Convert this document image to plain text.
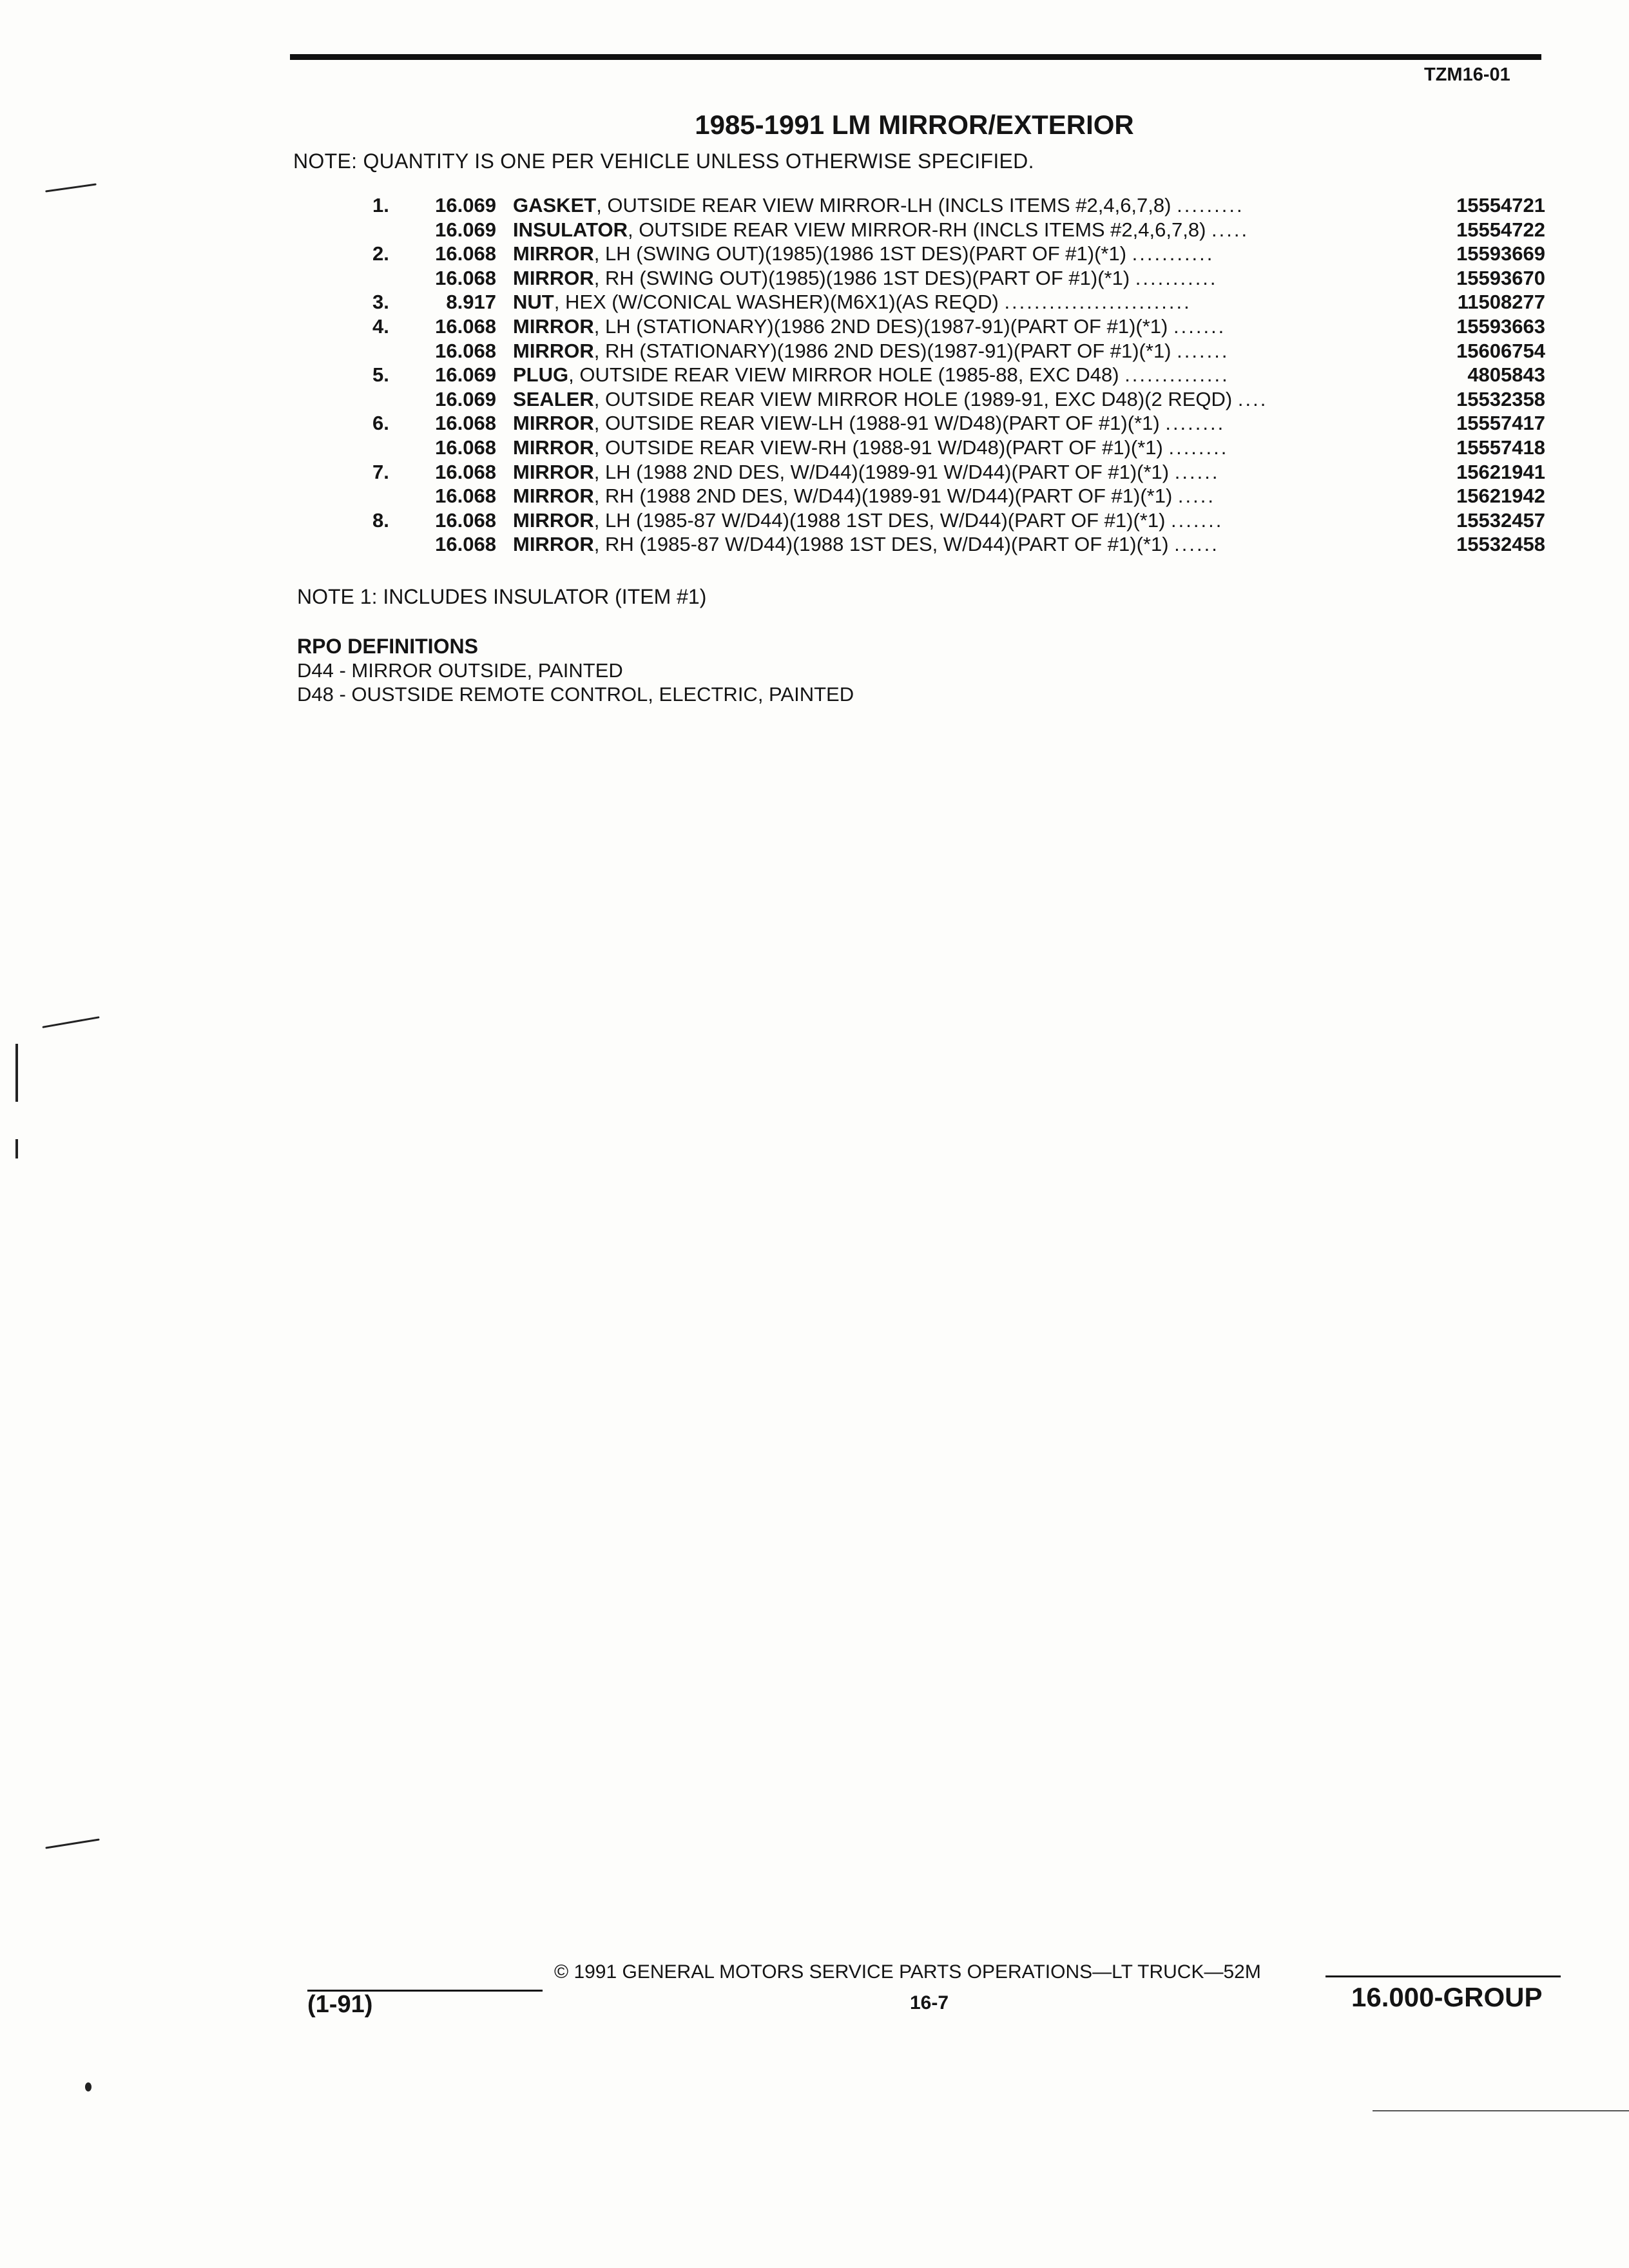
TZM16-01
1985-1991 LM MIRROR/EXTERIOR
NOTE: QUANTITY IS ONE PER VEHICLE UNLESS OTHERWISE SPECIFIED.
1.	16.069 GASKET, OUTSIDE REAR VIEW MIRROR-LH (INCLS ITEMS #2,4,6,7,8) .........	15554721
16.069 INSULATOR, OUTSIDE REAR VIEW MIRROR-RH (INCLS ITEMS #2,4,6,7,8) .....	15554722
2.	16.068 MIRROR, LH (SWING OUT)(1985)(1986 1ST DES)(PART OF #1)(*1) ...........	15593669
16.068 MIRROR, RH (SWING OUT)(1985)(1986 1ST DES)(PART OF #1)(*1) ...........	15593670
3.	8.917 NUT, HEX (W/CONICAL WASHER)(M6X1)(AS REQD) .........................	11508277
4.	16.068 MIRROR, LH (STATIONARY)(1986 2ND DES)(1987-91)(PART OF #1)(*1) .......	15593663
16.068 MIRROR, RH (STATIONARY)(1986 2ND DES)(1987-91)(PART OF #1)(*1) .......	15606754
5.	16.069 PLUG, OUTSIDE REAR VIEW MIRROR HOLE (1985-88, EXC D48) ..............	4805843
16.069 SEALER, OUTSIDE REAR VIEW MIRROR HOLE (1989-91, EXC D48)(2 REQD) ....	15532358
6.	16.068 MIRROR, OUTSIDE REAR VIEW-LH (1988-91 W/D48)(PART OF #1)(*1) ........	15557417
16.068 MIRROR, OUTSIDE REAR VIEW-RH (1988-91 W/D48)(PART OF #1)(*1) ........	15557418
7.	16.068 MIRROR, LH (1988 2ND DES, W/D44)(1989-91 W/D44)(PART OF #1)(*1) ......	15621941
16.068 MIRROR, RH (1988 2ND DES, W/D44)(1989-91 W/D44)(PART OF #1)(*1) .....	15621942
8.	16.068 MIRROR, LH (1985-87 W/D44)(1988 1ST DES, W/D44)(PART OF #1)(*1) .......	15532457
16.068 MIRROR, RH (1985-87 W/D44)(1988 1ST DES, W/D44)(PART OF #1)(*1) ......	15532458
NOTE 1: INCLUDES INSULATOR (ITEM #1)
RPO DEFINITIONS
D44 - MIRROR OUTSIDE, PAINTED
D48 - OUSTSIDE REMOTE CONTROL, ELECTRIC, PAINTED
© 1991 GENERAL MOTORS SERVICE PARTS OPERATIONS—LT TRUCK—52M
(1-91)	16-7	16.000-GROUP
